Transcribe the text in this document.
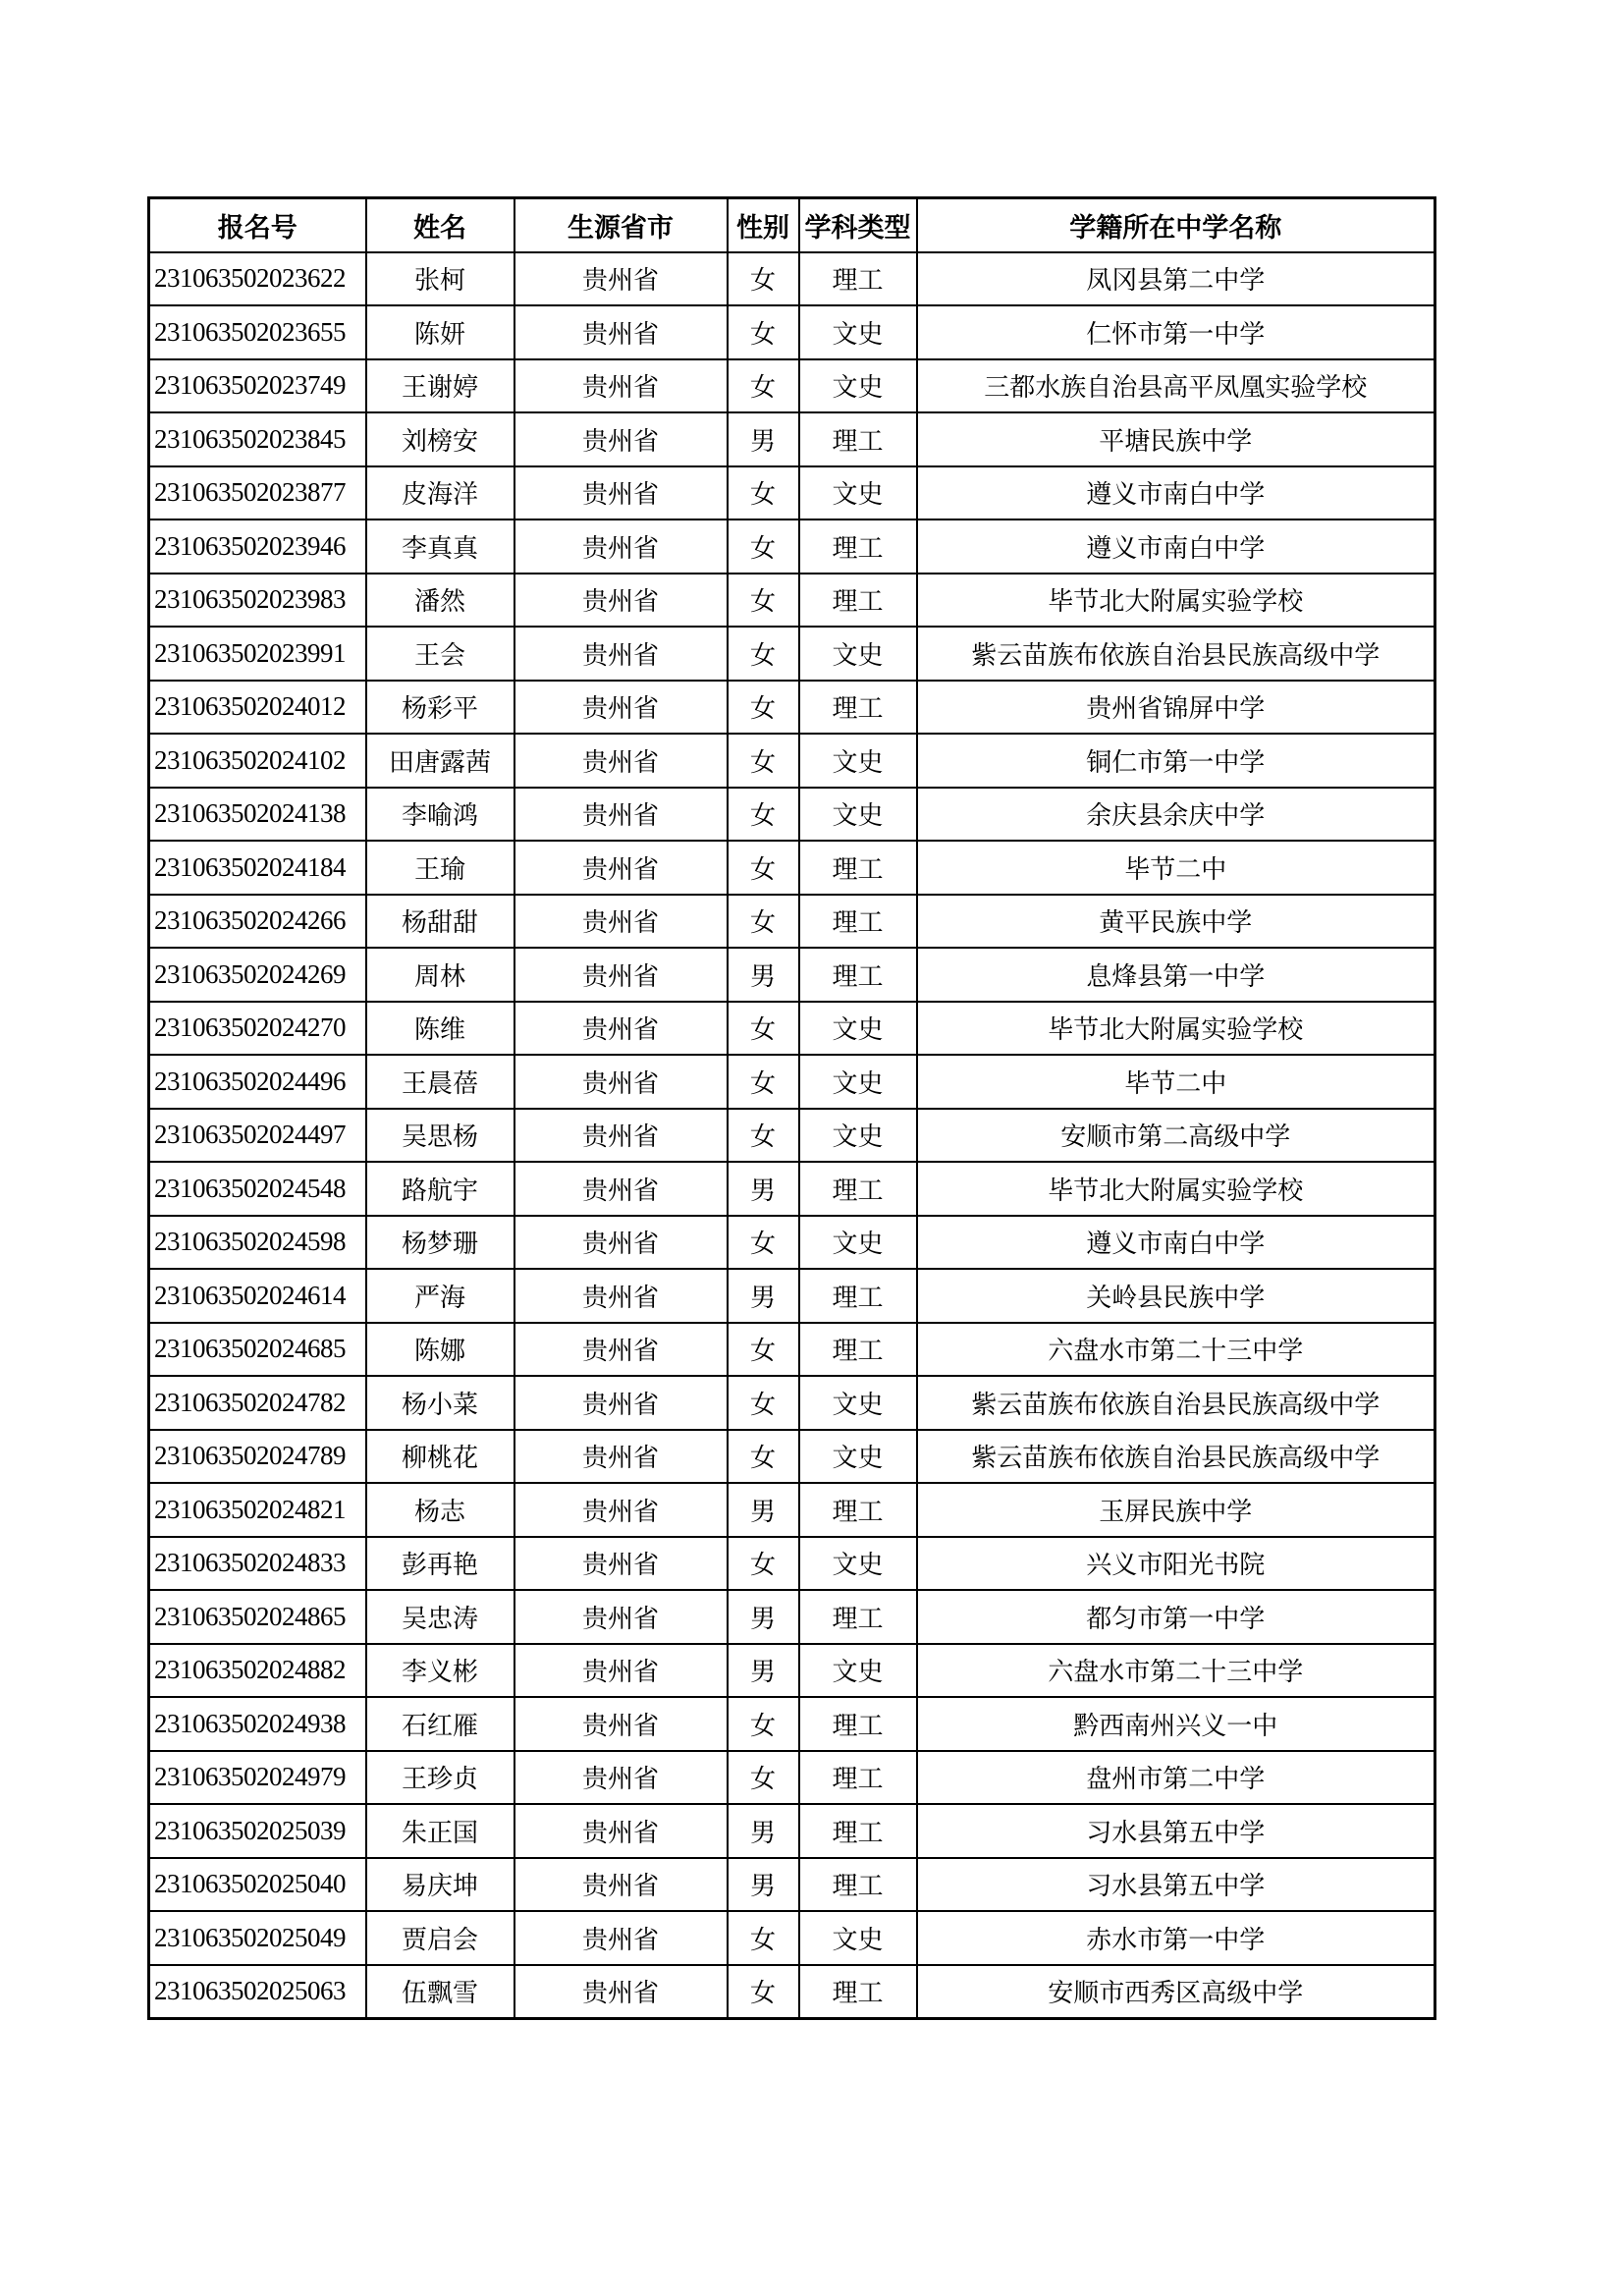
报名号	姓名	生源省市	性别	学科类型	学籍所在中学名称
231063502023622	张柯	贵州省	女	理工	凤冈县第二中学
231063502023655	陈妍	贵州省	女	文史	仁怀市第一中学
231063502023749	王谢婷	贵州省	女	文史	三都水族自治县高平凤凰实验学校
231063502023845	刘榜安	贵州省	男	理工	平塘民族中学
231063502023877	皮海洋	贵州省	女	文史	遵义市南白中学
231063502023946	李真真	贵州省	女	理工	遵义市南白中学
231063502023983	潘然	贵州省	女	理工	毕节北大附属实验学校
231063502023991	王会	贵州省	女	文史	紫云苗族布依族自治县民族高级中学
231063502024012	杨彩平	贵州省	女	理工	贵州省锦屏中学
231063502024102	田唐露茜	贵州省	女	文史	铜仁市第一中学
231063502024138	李喻鸿	贵州省	女	文史	余庆县余庆中学
231063502024184	王瑜	贵州省	女	理工	毕节二中
231063502024266	杨甜甜	贵州省	女	理工	黄平民族中学
231063502024269	周林	贵州省	男	理工	息烽县第一中学
231063502024270	陈维	贵州省	女	文史	毕节北大附属实验学校
231063502024496	王晨蓓	贵州省	女	文史	毕节二中
231063502024497	吴思杨	贵州省	女	文史	安顺市第二高级中学
231063502024548	路航宇	贵州省	男	理工	毕节北大附属实验学校
231063502024598	杨梦珊	贵州省	女	文史	遵义市南白中学
231063502024614	严海	贵州省	男	理工	关岭县民族中学
231063502024685	陈娜	贵州省	女	理工	六盘水市第二十三中学
231063502024782	杨小菜	贵州省	女	文史	紫云苗族布依族自治县民族高级中学
231063502024789	柳桃花	贵州省	女	文史	紫云苗族布依族自治县民族高级中学
231063502024821	杨志	贵州省	男	理工	玉屏民族中学
231063502024833	彭再艳	贵州省	女	文史	兴义市阳光书院
231063502024865	吴忠涛	贵州省	男	理工	都匀市第一中学
231063502024882	李义彬	贵州省	男	文史	六盘水市第二十三中学
231063502024938	石红雁	贵州省	女	理工	黔西南州兴义一中
231063502024979	王珍贞	贵州省	女	理工	盘州市第二中学
231063502025039	朱正国	贵州省	男	理工	习水县第五中学
231063502025040	易庆坤	贵州省	男	理工	习水县第五中学
231063502025049	贾启会	贵州省	女	文史	赤水市第一中学
231063502025063	伍飘雪	贵州省	女	理工	安顺市西秀区高级中学
